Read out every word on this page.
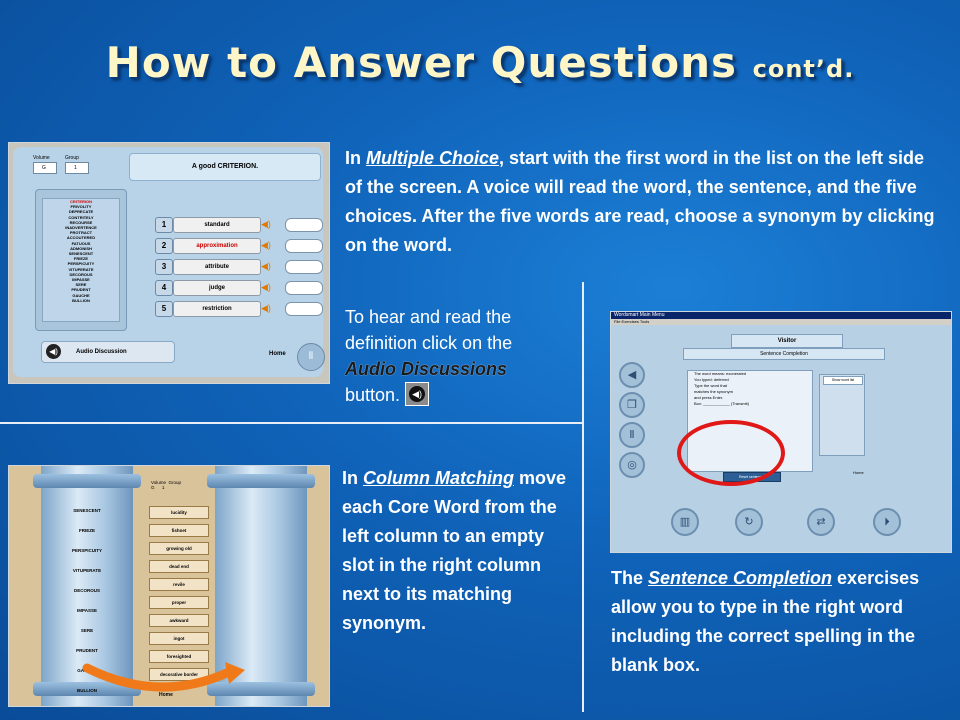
How to Answer Questions cont’d.
Volume
G
Group
1	A good CRITERION.
CRITERION
FRIVOLITY
DEPRECATE
CONTRITELY
RECOURSE
INADVERTENCE
PROTRACT
ACCOUTERED
FATUOUS
ADMONISH
SENESCENT
FRIEZE
PERSPICUITY
VITUPERATE
DECOROUS
IMPASSE
SERE
PRUDENT
GAUCHE
BULLION
1	standard	◀)
2	approximation	◀)
3	attribute	◀)
4	judge	◀)
5	restriction	◀)
◀)	Audio Discussion	Home	⦀
In Multiple Choice, start with the first word in the list on the left side of the screen. A voice will read the word, the sentence, and the five choices. After the five words are read, choose a synonym by clicking on the word.
To hear and read the
definition click on the
Audio Discussions
button.	◀)
Volume Group
G 1
SENESCENT
FRIEZE
PERSPICUITY
VITUPERATE
DECOROUS
IMPASSE
SERE
PRUDENT
GAUCHE
BULLION
lucidity
fishnet
growing old
dead end
revile
proper
awkward
ingot
foresighted
decorative border
Home
In Column Matching move each Core Word from the left column to an empty slot in the right column next to its matching synonym.
Wordsmart Main Menu
File Exercises Tools
◀
❐
Ⅱ
◎
Visitor
Sentence Completion
The word means: exonerated
You typed: deferred
Type the word that
matches the synonym
and press Enter.
Box: ____________ (Transmit)
Show word list
Reset sentences
Home
▥	↻	⇄	⏵
The Sentence Completion exercises allow you to type in the right word including the correct spelling in the blank box.
